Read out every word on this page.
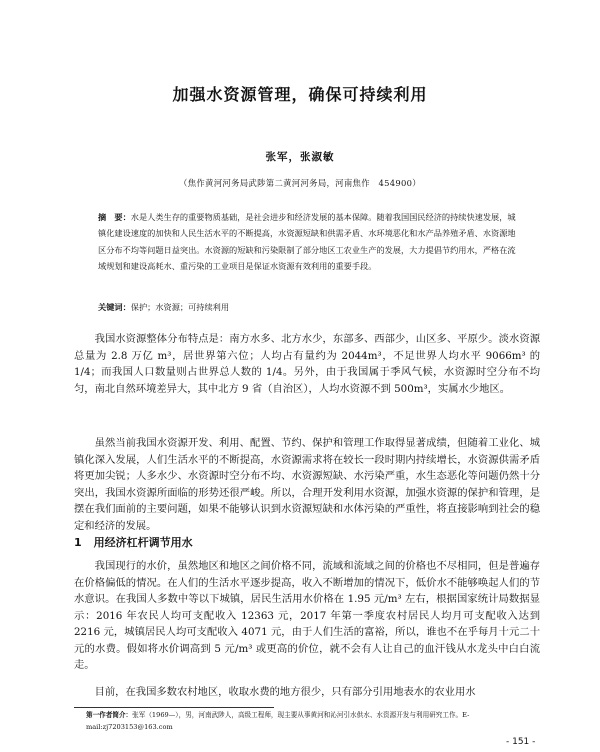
加强水资源管理，确保可持续利用
张军，张淑敏
（焦作黄河河务局武陟第二黄河河务局，河南焦作　454900）

摘　要：水是人类生存的重要物质基础，是社会进步和经济发展的基本保障。随着我国国民经济的持续快速发展，城镇化建设速度的加快和人民生活水平的不断提高，水资源短缺和供需矛盾、水环境恶化和水产品养殖矛盾、水资源地区分布不均等问题日益突出。水资源的短缺和污染限制了部分地区工农业生产的发展，大力提倡节约用水，严格在流域规划和建设高耗水、重污染的工业项目是保证水资源有效利用的重要手段。

关键词：保护；水资源；可持续利用

我国水资源整体分布特点是：南方水多、北方水少，东部多、西部少，山区多、平原少。淡水资源总量为 2.8 万亿 m³，居世界第六位；人均占有量约为 2044m³，不足世界人均水平 9066m³ 的 1/4；而我国人口数量则占世界总人数的 1/4。另外，由于我国属于季风气候，水资源时空分布不均匀，南北自然环境差异大，其中北方 9 省（自治区），人均水资源不到 500m³，实属水少地区。

虽然当前我国水资源开发、利用、配置、节约、保护和管理工作取得显著成绩，但随着工业化、城镇化深入发展，人们生活水平的不断提高，水资源需求将在较长一段时期内持续增长，水资源供需矛盾将更加尖锐；人多水少、水资源时空分布不均、水资源短缺、水污染严重，水生态恶化等问题仍然十分突出，我国水资源所面临的形势还很严峻。所以，合理开发利用水资源，加强水资源的保护和管理，是摆在我们面前的主要问题，如果不能够认识到水资源短缺和水体污染的严重性，将直接影响到社会的稳定和经济的发展。

1 用经济杠杆调节用水

我国现行的水价，虽然地区和地区之间价格不同，流域和流域之间的价格也不尽相同，但是普遍存在价格偏低的情况。在人们的生活水平逐步提高，收入不断增加的情况下，低价水不能够唤起人们的节水意识。在我国人多数中等以下城镇，居民生活用水价格在 1.95 元/m³ 左右，根据国家统计局数据显示：2016 年农民人均可支配收入 12363 元，2017 年第一季度农村居民人均月可支配收入达到 2216 元，城镇居民人均可支配收入 4071 元，由于人们生活的富裕，所以，谁也不在乎每月十元二十元的水费。假如将水价调高到 5 元/m³ 或更高的价位，就不会有人让自己的血汗钱从水龙头中白白流走。

目前，在我国多数农村地区，收取水费的地方很少，只有部分引用地表水的农业用水

第一作者简介：张军（1969—），男，河南武陟人，高级工程师，现主要从事黄河和沁河引水供水、水资源开发与利用研究工作。E-mail:zj7203153@163.com

- 151 -
